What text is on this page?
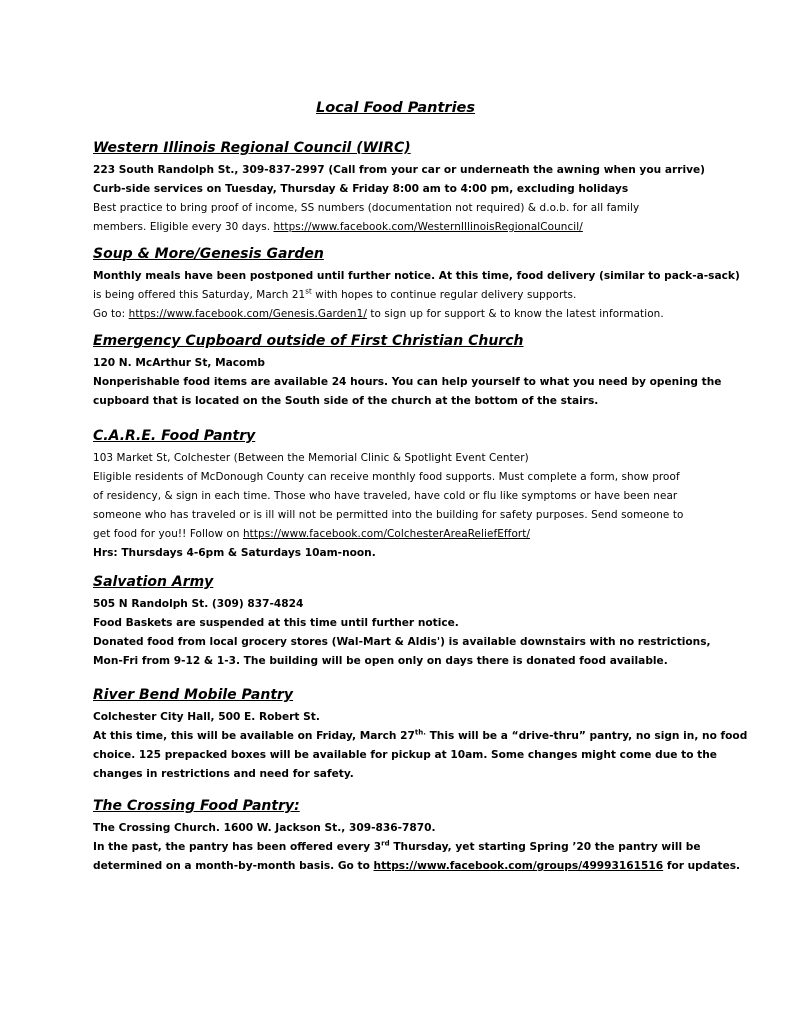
Local Food Pantries
Western Illinois Regional Council (WIRC)
223 South Randolph St., 309-837-2997 (Call from your car or underneath the awning when you arrive)
Curb-side services on Tuesday, Thursday & Friday 8:00 am to 4:00 pm, excluding holidays
Best practice to bring proof of income, SS numbers (documentation not required) & d.o.b. for all family
members. Eligible every 30 days. https://www.facebook.com/WesternIllinoisRegionalCouncil/
Soup & More/Genesis Garden
Monthly meals have been postponed until further notice. At this time, food delivery (similar to pack-a-sack)
is being offered this Saturday, March 21st with hopes to continue regular delivery supports.
Go to: https://www.facebook.com/Genesis.Garden1/ to sign up for support & to know the latest information.
Emergency Cupboard outside of First Christian Church
120 N. McArthur St, Macomb
Nonperishable food items are available 24 hours. You can help yourself to what you need by opening the
cupboard that is located on the South side of the church at the bottom of the stairs.
C.A.R.E. Food Pantry
103 Market St, Colchester (Between the Memorial Clinic & Spotlight Event Center)
Eligible residents of McDonough County can receive monthly food supports. Must complete a form, show proof
of residency, & sign in each time. Those who have traveled, have cold or flu like symptoms or have been near
someone who has traveled or is ill will not be permitted into the building for safety purposes. Send someone to
get food for you!! Follow on https://www.facebook.com/ColchesterAreaReliefEffort/
Hrs: Thursdays 4-6pm & Saturdays 10am-noon.
Salvation Army
505 N Randolph St. (309) 837-4824
Food Baskets are suspended at this time until further notice.
Donated food from local grocery stores (Wal-Mart & Aldis') is available downstairs with no restrictions,
Mon-Fri from 9-12 & 1-3. The building will be open only on days there is donated food available.
River Bend Mobile Pantry
Colchester City Hall, 500 E. Robert St.
At this time, this will be available on Friday, March $27^{th.}$ This will be a “drive-thru” pantry, no sign in, no food
choice. 125 prepacked boxes will be available for pickup at 10am. Some changes might come due to the
changes in restrictions and need for safety.
The Crossing Food Pantry:
The Crossing Church. 1600 W. Jackson St., 309-836-7870.
In the past, the pantry has been offered every 3rd Thursday, yet starting Spring ’20 the pantry will be
determined on a month-by-month basis. Go to https://www.facebook.com/groups/49993161516 for updates.
